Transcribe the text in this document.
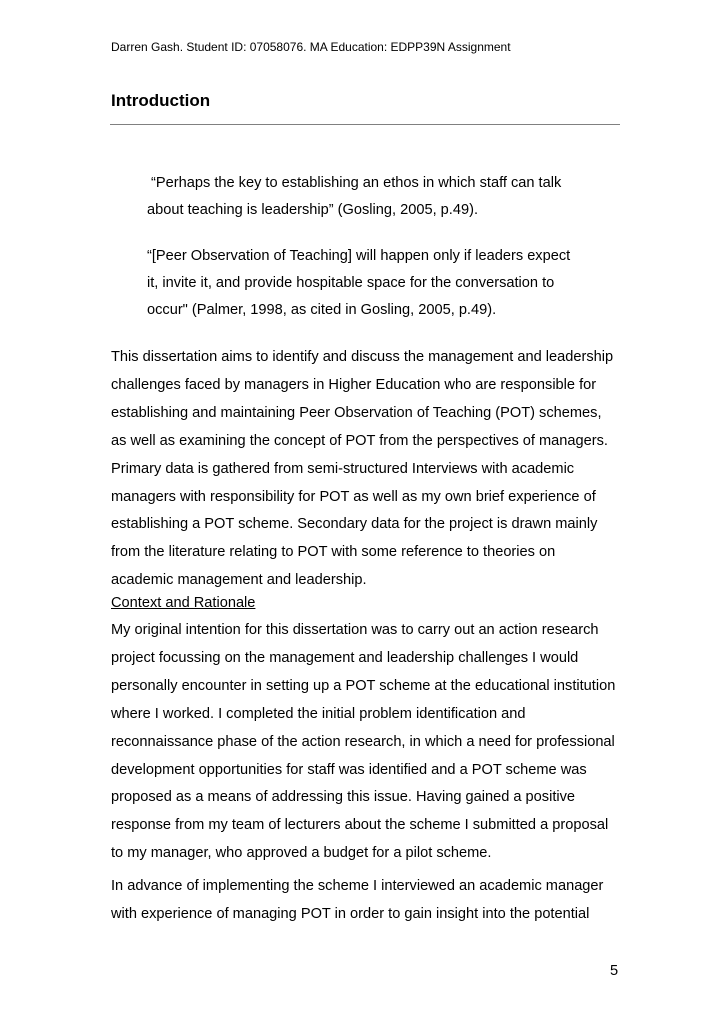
Darren Gash. Student ID: 07058076. MA Education: EDPP39N Assignment
Introduction
“Perhaps the key to establishing an ethos in which staff can talk
about teaching is leadership” (Gosling, 2005, p.49).
“[Peer Observation of Teaching] will happen only if leaders expect
it, invite it, and provide hospitable space for the conversation to
occur" (Palmer, 1998, as cited in Gosling, 2005, p.49).
This dissertation aims to identify and discuss the management and leadership
challenges faced by managers in Higher Education who are responsible for
establishing and maintaining Peer Observation of Teaching (POT) schemes,
as well as examining the concept of POT from the perspectives of managers.
Primary data is gathered from semi-structured Interviews with academic
managers with responsibility for POT as well as my own brief experience of
establishing a POT scheme. Secondary data for the project is drawn mainly
from the literature relating to POT with some reference to theories on
academic management and leadership.
Context and Rationale
My original intention for this dissertation was to carry out an action research
project focussing on the management and leadership challenges I would
personally encounter in setting up a POT scheme at the educational institution
where I worked. I completed the initial problem identification and
reconnaissance phase of the action research, in which a need for professional
development opportunities for staff was identified and a POT scheme was
proposed as a means of addressing this issue. Having gained a positive
response from my team of lecturers about the scheme I submitted a proposal
to my manager, who approved a budget for a pilot scheme.
In advance of implementing the scheme I interviewed an academic manager
with experience of managing POT in order to gain insight into the potential
5
